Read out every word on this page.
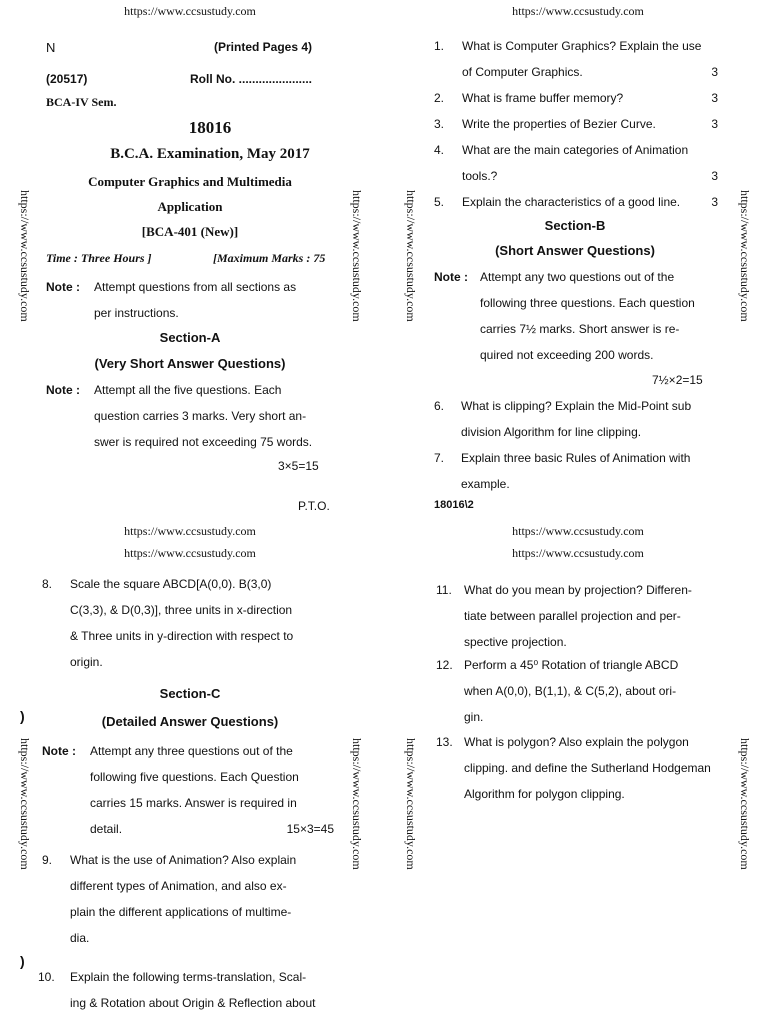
https://www.ccsustudy.com	https://www.ccsustudy.com
https://www.ccsustudy.com
https://www.ccsustudy.com
https://www.ccsustudy.com
https://www.ccsustudy.com
https://www.ccsustudy.com	https://www.ccsustudy.com	https://www.ccsustudy.com	https://www.ccsustudy.com
https://www.ccsustudy.com	https://www.ccsustudy.com	https://www.ccsustudy.com	https://www.ccsustudy.com
N	(Printed Pages 4)
(20517)	Roll No. ......................
BCA-IV Sem.
18016
B.C.A. Examination, May 2017
Computer Graphics and Multimedia
Application
[BCA-401 (New)]
Time : Three Hours ]	[Maximum Marks : 75
Note : Attempt questions from all sections as
per instructions.
Section-A
(Very Short Answer Questions)
Note : Attempt all the five questions. Each
question carries 3 marks. Very short an-
swer is required not exceeding 75 words.
3×5=15
P.T.O.
1. What is Computer Graphics? Explain the use
of Computer Graphics.	3
2. What is frame buffer memory?	3
3. Write the properties of Bezier Curve.	3
4. What are the main categories of Animation
tools.?	3
5. Explain the characteristics of a good line.	3
Section-B
(Short Answer Questions)
Note : Attempt any two questions out of the
following three questions. Each question
carries 7½ marks. Short answer is re-
quired not exceeding 200 words.
7½×2=15
6. What is clipping? Explain the Mid-Point sub
division Algorithm for line clipping.
7. Explain three basic Rules of Animation with
example.
18016\2
8. Scale the square ABCD[A(0,0). B(3,0)
C(3,3), & D(0,3)], three units in x-direction
& Three units in y-direction with respect to
origin.
Section-C
(Detailed Answer Questions)
)
)
Note : Attempt any three questions out of the
following five questions. Each Question
carries 15 marks. Answer is required in
detail.	15×3=45
9. What is the use of Animation? Also explain
different types of Animation, and also ex-
plain the different applications of multime-
dia.
10. Explain the following terms-translation, Scal-
ing & Rotation about Origin & Reflection about
11. What do you mean by projection? Differen-
tiate between parallel projection and per-
spective projection.
12. Perform a 45⁰ Rotation of triangle ABCD
when A(0,0), B(1,1), & C(5,2), about ori-
gin.
13. What is polygon? Also explain the polygon
clipping. and define the Sutherland Hodgeman
Algorithm for polygon clipping.
